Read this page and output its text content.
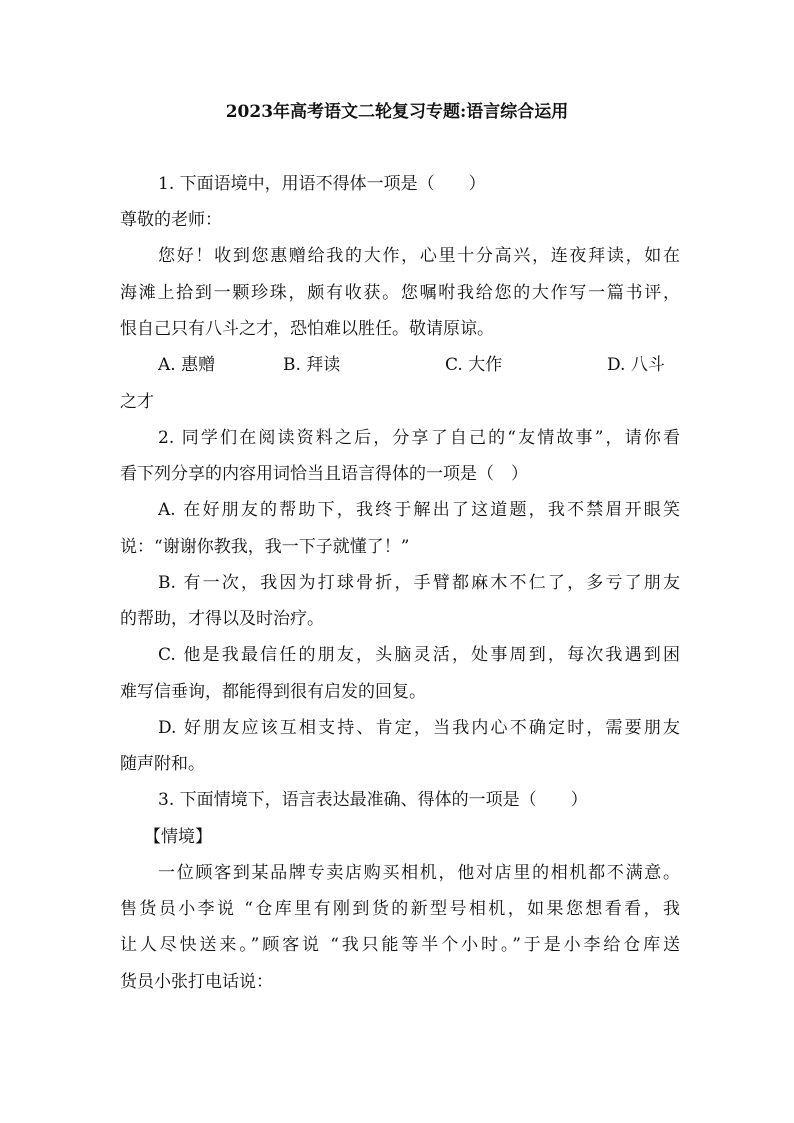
2023年高考语文二轮复习专题:语言综合运用
1. 下面语境中，用语不得体一项是（　　）
尊敬的老师：
您好！收到您惠赠给我的大作，心里十分高兴，连夜拜读，如在
海滩上拾到一颗珍珠，颇有收获。您嘱咐我给您的大作写一篇书评，
恨自己只有八斗之才，恐怕难以胜任。敬请原谅。
A. 惠赠	B. 拜读	C. 大作	D. 八斗
之才
2. 同学们在阅读资料之后，分享了自己的“友情故事”，请你看
看下列分享的内容用词恰当且语言得体的一项是（　）
A. 在好朋友的帮助下，我终于解出了这道题，我不禁眉开眼笑
说：“谢谢你教我，我一下子就懂了！”
B. 有一次，我因为打球骨折，手臂都麻木不仁了，多亏了朋友
的帮助，才得以及时治疗。
C. 他是我最信任的朋友，头脑灵活，处事周到，每次我遇到困
难写信垂询，都能得到很有启发的回复。
D. 好朋友应该互相支持、肯定，当我内心不确定时，需要朋友
随声附和。
3. 下面情境下，语言表达最准确、得体的一项是（　　）
【情境】
一位顾客到某品牌专卖店购买相机，他对店里的相机都不满意。
售货员小李说 “仓库里有刚到货的新型号相机，如果您想看看，我
让人尽快送来。”顾客说 “我只能等半个小时。”于是小李给仓库送
货员小张打电话说：
